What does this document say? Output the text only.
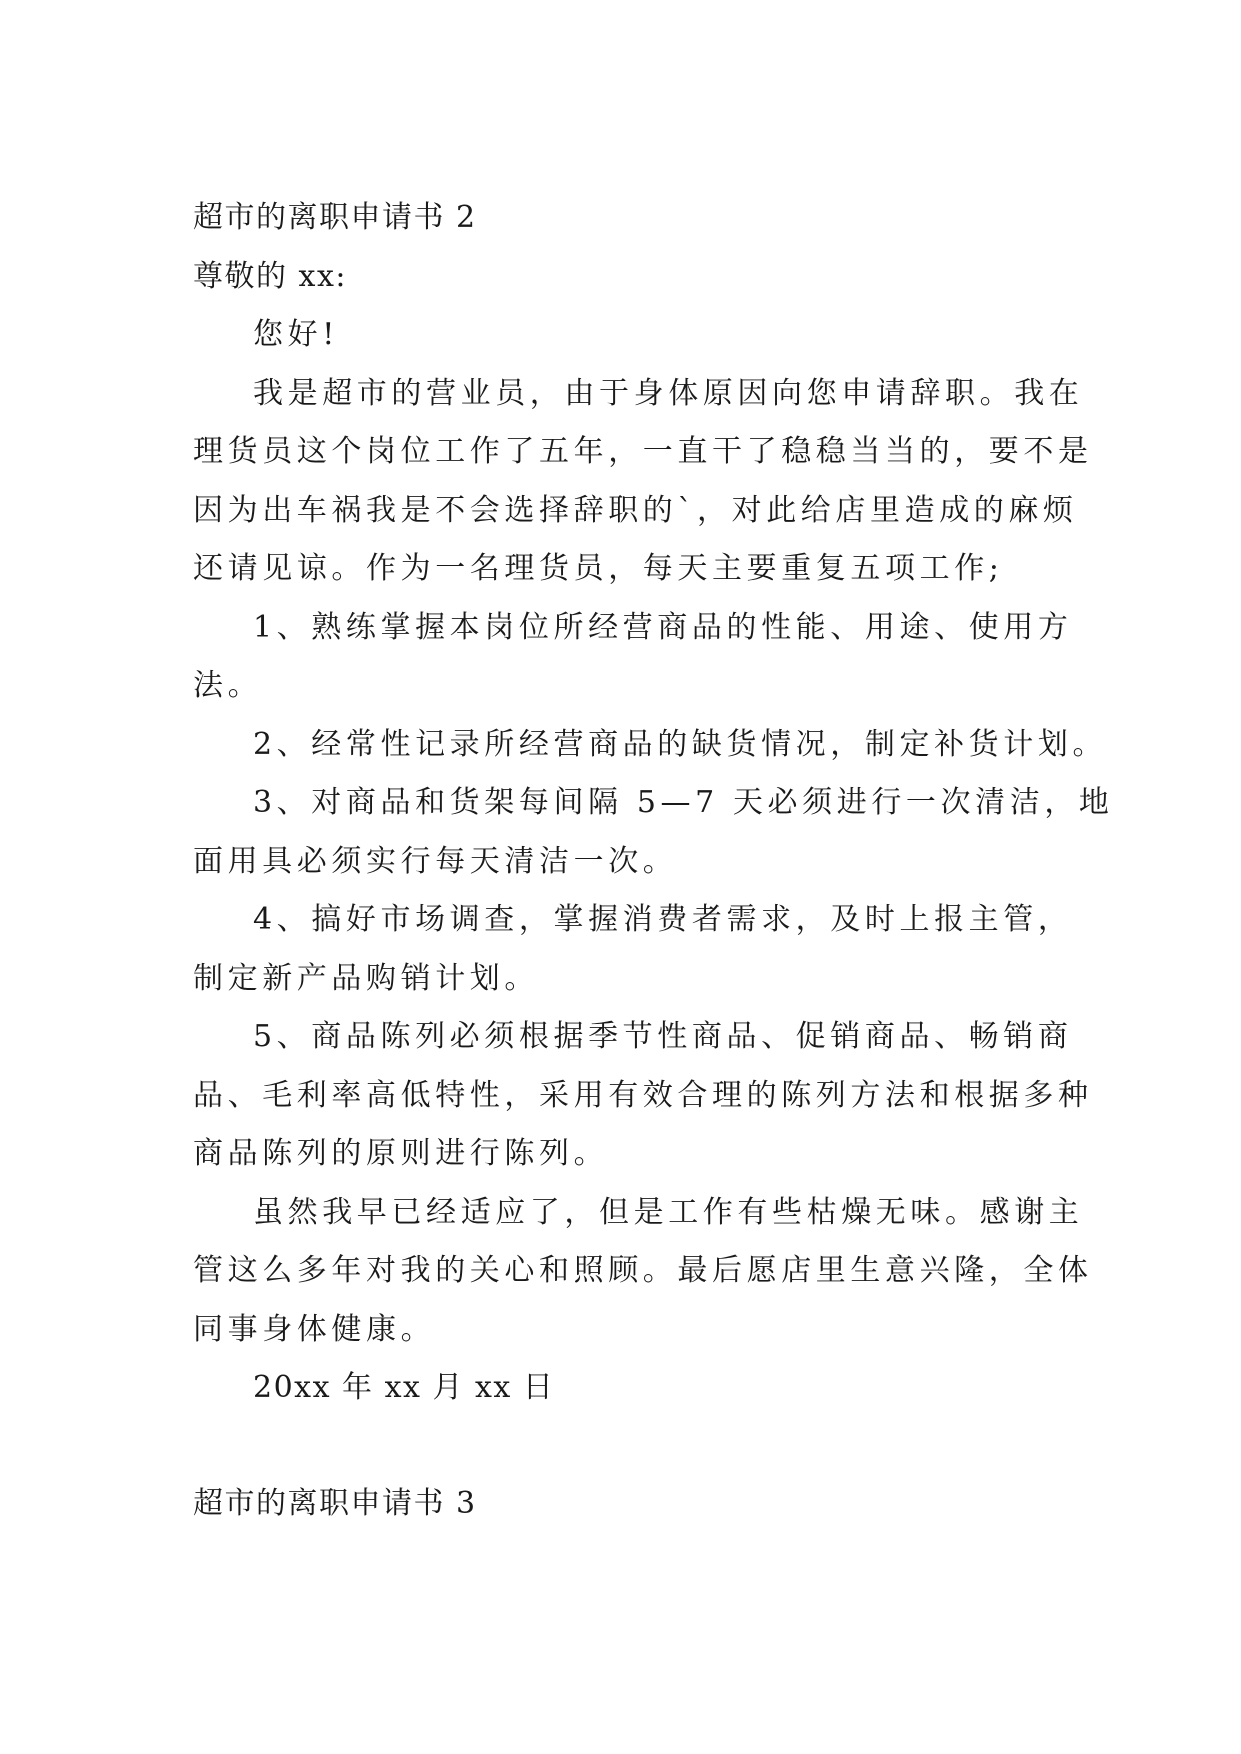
超市的离职申请书 2
尊敬的 xx:
您好!
我是超市的营业员，由于身体原因向您申请辞职。我在
理货员这个岗位工作了五年，一直干了稳稳当当的，要不是
因为出车祸我是不会选择辞职的`，对此给店里造成的麻烦
还请见谅。作为一名理货员，每天主要重复五项工作;
1、熟练掌握本岗位所经营商品的性能、用途、使用方
法。
2、经常性记录所经营商品的缺货情况，制定补货计划。
3、对商品和货架每间隔 5—7 天必须进行一次清洁，地
面用具必须实行每天清洁一次。
4、搞好市场调查，掌握消费者需求，及时上报主管，
制定新产品购销计划。
5、商品陈列必须根据季节性商品、促销商品、畅销商
品、毛利率高低特性，采用有效合理的陈列方法和根据多种
商品陈列的原则进行陈列。
虽然我早已经适应了，但是工作有些枯燥无味。感谢主
管这么多年对我的关心和照顾。最后愿店里生意兴隆，全体
同事身体健康。
20xx 年 xx 月 xx 日
超市的离职申请书 3
